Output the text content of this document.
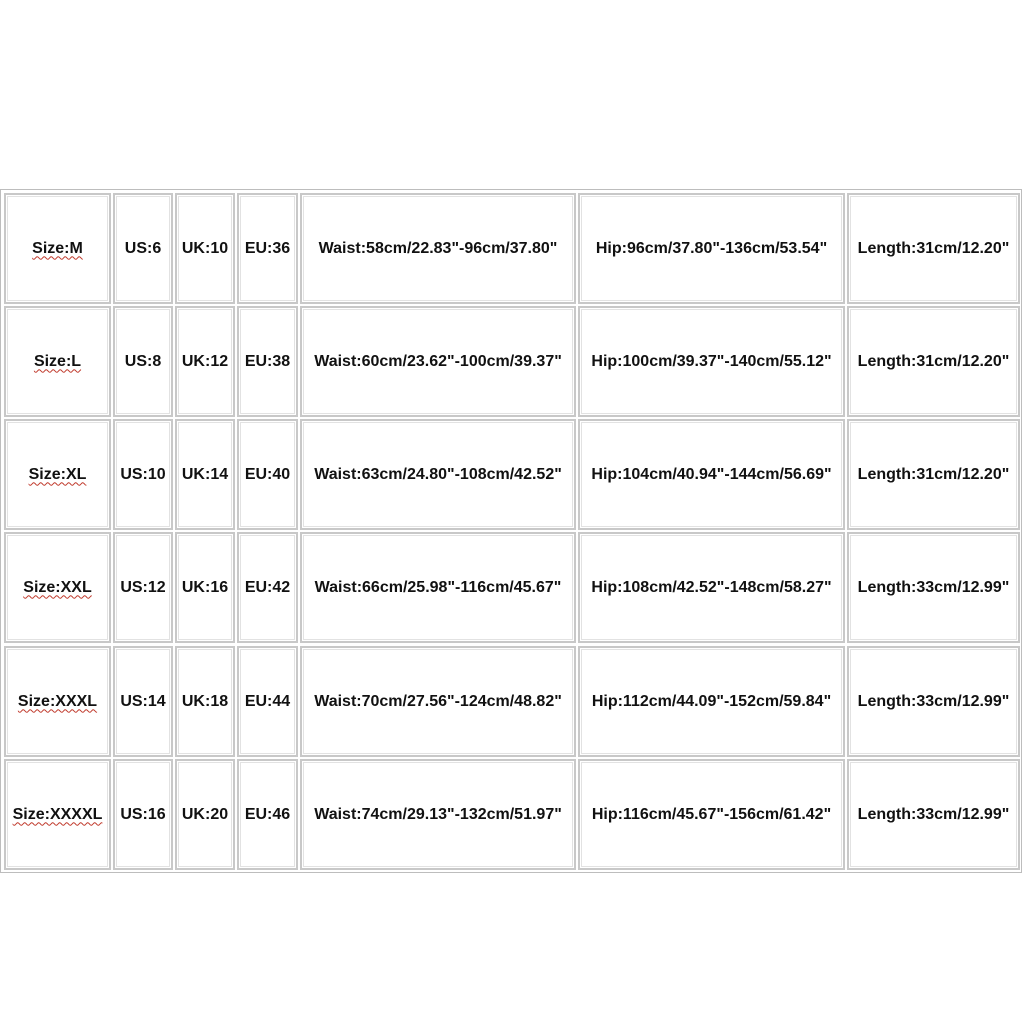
Size:M	US:6 UK:10 EU:36 Waist:58cm/22.83"-96cm/37.80" Hip:96cm/37.80"-136cm/53.54" Length:31cm/12.20"
Size:L	US:8 UK:12 EU:38 Waist:60cm/23.62"-100cm/39.37" Hip:100cm/39.37"-140cm/55.12" Length:31cm/12.20"
Size:XL US:10 UK:14 EU:40 Waist:63cm/24.80"-108cm/42.52" Hip:104cm/40.94"-144cm/56.69" Length:31cm/12.20"
Size:XXL US:12 UK:16 EU:42 Waist:66cm/25.98"-116cm/45.67" Hip:108cm/42.52"-148cm/58.27" Length:33cm/12.99"
Size:XXXL US:14 UK:18 EU:44 Waist:70cm/27.56"-124cm/48.82" Hip:112cm/44.09"-152cm/59.84" Length:33cm/12.99"
Size:XXXXL US:16 UK:20 EU:46 Waist:74cm/29.13"-132cm/51.97" Hip:116cm/45.67"-156cm/61.42" Length:33cm/12.99"
